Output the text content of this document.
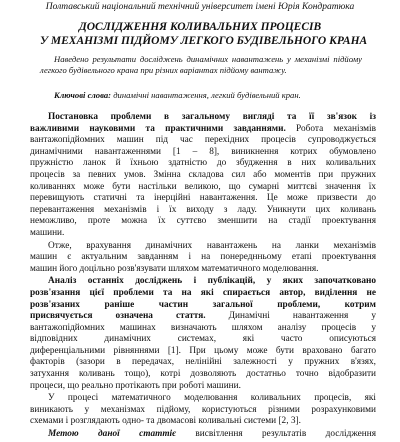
Полтавський національний технічний університет імені Юрія Кондратюка
ДОСЛІДЖЕННЯ КОЛИВАЛЬНИХ ПРОЦЕСІВ
У МЕХАНІЗМІ ПІДЙОМУ ЛЕГКОГО БУДІВЕЛЬНОГО КРАНА
Наведено результати досліджень динамічних навантажень у механізмі підйому
легкого будівельного крана при різних варіантах підйому вантажу.
Ключові слова: динамічні навантаження, легкий будівельний кран.
Постановка проблеми в загальному вигляді та її зв'язок із
важливими науковими та практичними завданнями. Робота механізмів
вантажопідйомних машин під час перехідних процесів супроводжується
динамічними навантаженнями [1 – 8], виникнення котрих обумовлено
пружністю ланок й їхньою здатністю до збудження в них коливальних
процесів за певних умов. Змінна складова сил або моментів при пружних
коливаннях може бути настільки великою, що сумарні миттєві значення їх
перевищують статичні та інерційні навантаження. Це може призвести до
перевантаження механізмів і їх виходу з ладу. Уникнути цих коливань
неможливо, проте можна їх суттєво зменшити на стадії проектування
машини.
Отже, врахування динамічних навантажень на ланки механізмів
машин є актуальним завданням і на понереднньому етапі проектування
машин його доцільно розв'язувати шляхом математичного моделювання.
Аналіз останніх досліджень і публікацій, у яких започатковано
розв'язання цієї проблеми та на які спирається автор, виділення не
розв'язаних раніше частин загальної проблеми, котрим
присвячується означена стаття. Динамічні навантаження у
вантажопідйомних машинах визначають шляхом аналізу процесів у
відповідних динамічних системах, які часто описуються
диференціальними рівняннями [1]. При цьому може бути враховано багато
факторів (зазори в передачах, нелінійні залежності у пружних в'язях,
затухання коливань тощо), котрі дозволяють достатньо точно відобразити
процеси, що реально протікають при роботі машини.
У процесі математичного моделювання коливальних процесів, які
виникають у механізмах підйому, користуються різними розрахунковими
схемами і розглядають одно- та двомасові коливальні системи [2, 3].
Метою даної статтіє висвітлення результатів дослідження
